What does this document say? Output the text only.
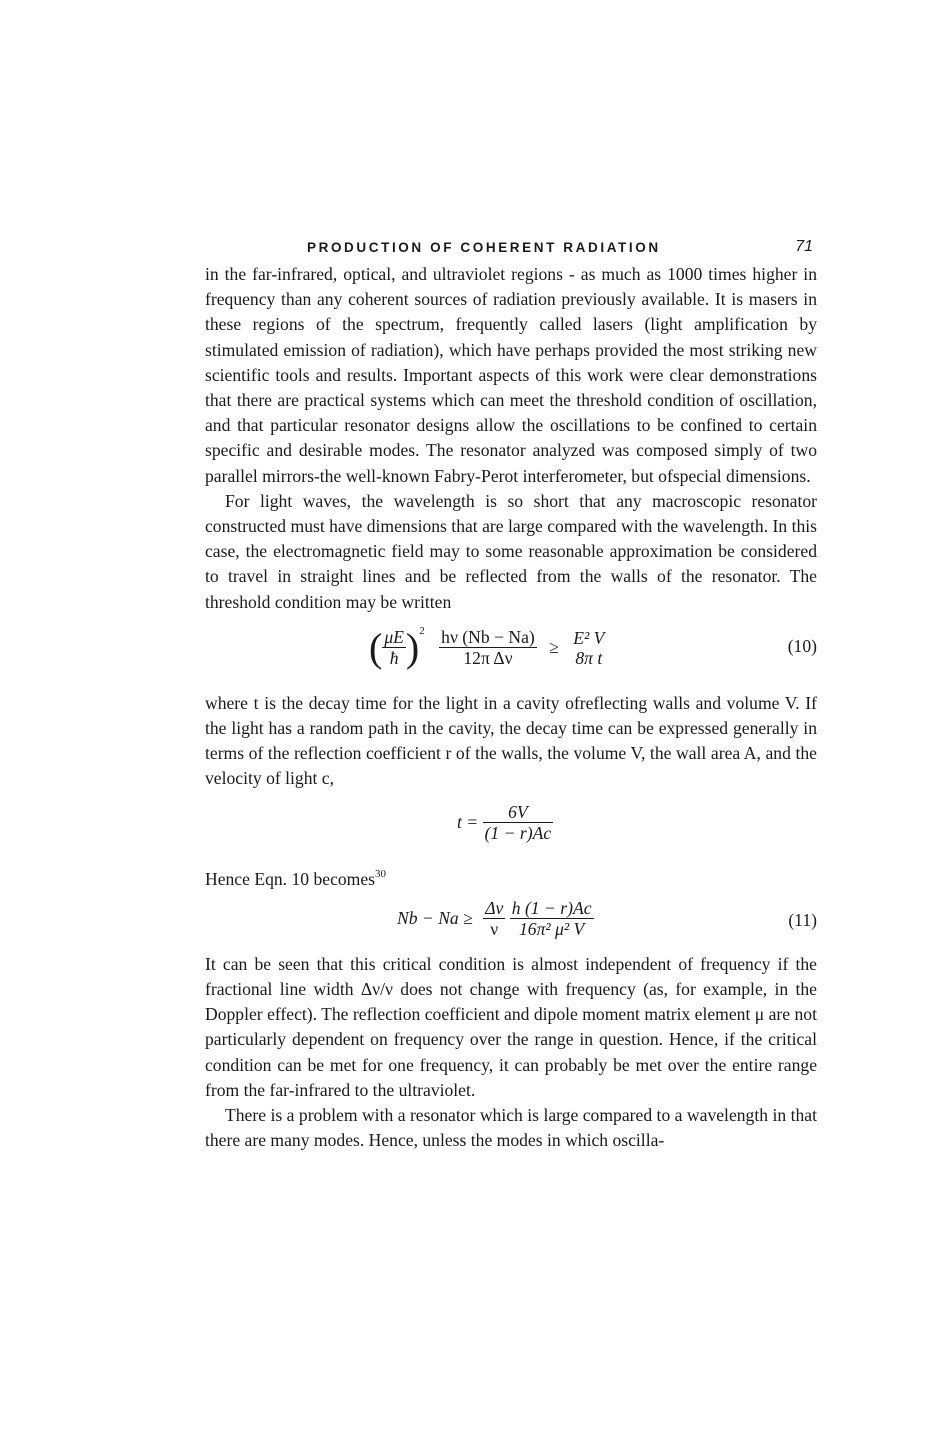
PRODUCTION OF COHERENT RADIATION	71

in the far-infrared, optical, and ultraviolet regions - as much as 1000 times higher in frequency than any coherent sources of radiation previously available. It is masers in these regions of the spectrum, frequently called lasers (light amplification by stimulated emission of radiation), which have perhaps provided the most striking new scientific tools and results. Important aspects of this work were clear demonstrations that there are practical systems which can meet the threshold condition of oscillation, and that particular resonator designs allow the oscillations to be confined to certain specific and desirable modes. The resonator analyzed was composed simply of two parallel mirrors-the well-known Fabry-Perot interferometer, but ofspecial dimensions.

For light waves, the wavelength is so short that any macroscopic resonator constructed must have dimensions that are large compared with the wavelength. In this case, the electromagnetic field may to some reasonable approximation be considered to travel in straight lines and be reflected from the walls of the resonator. The threshold condition may be written

( $\frac{\mu E}{ħ} )^2 \frac{h\nu (Nb - Na)}{\text{12π Δν}} \ge E^2$ V
8π t
(10)

where t is the decay time for the light in a cavity ofreflecting walls and volume V. If the light has a random path in the cavity, the decay time can be expressed generally in terms of the reflection coefficient r of the walls, the volume V, the wall area A, and the velocity of light c,

$t = \frac{6V}{(1 - r)Ac}$

Hence Eqn. 10 becomes$^{30}$

$Nb - Na \ge \frac{\Delta\nu}{\nu}$
$\frac{h (1 - r)Ac}{\text{16π² μ² V}}$	(11)

It can be seen that this critical condition is almost independent of frequency if the fractional line width Δν/ν does not change with frequency (as, for example, in the Doppler effect). The reflection coefficient and dipole moment matrix element μ are not particularly dependent on frequency over the range in question. Hence, if the critical condition can be met for one frequency, it can probably be met over the entire range from the far-infrared to the ultraviolet.

There is a problem with a resonator which is large compared to a wavelength in that there are many modes. Hence, unless the modes in which oscilla-
